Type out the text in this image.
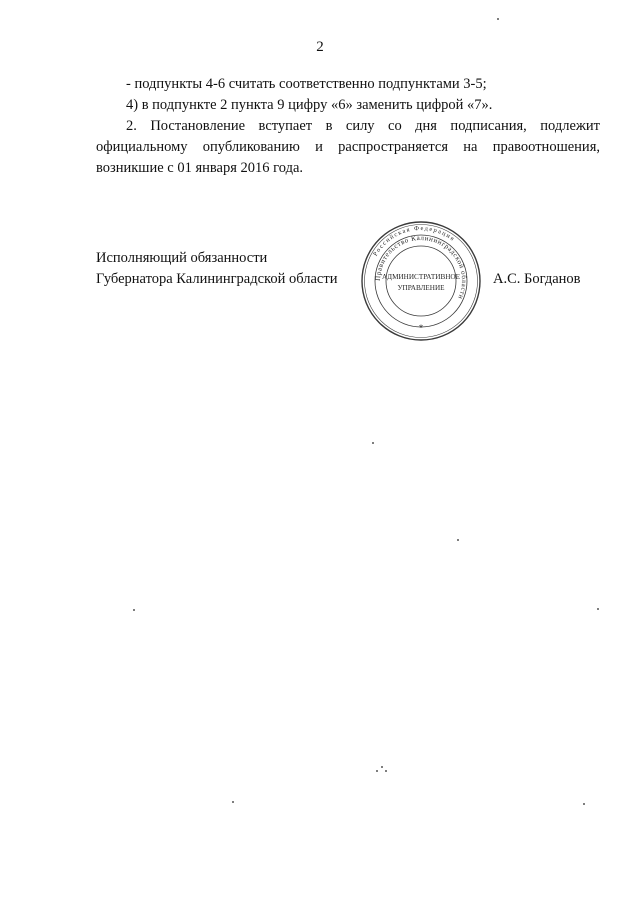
2

- подпункты 4-6 считать соответственно подпунктами 3-5;

4) в подпункте 2 пункта 9 цифру «6» заменить цифрой «7».

2. Постановление вступает в силу со дня подписания, подлежит официальному опубликованию и распространяется на правоотношения, возникшие с 01 января 2016 года.

Исполняющий обязанности
Губернатора Калининградской области
Российская Федерация
Правительство Калининградской области
АДМИНИСТРАТИВНОЕ
УПРАВЛЕНИЕ
*
А.С. Богданов
